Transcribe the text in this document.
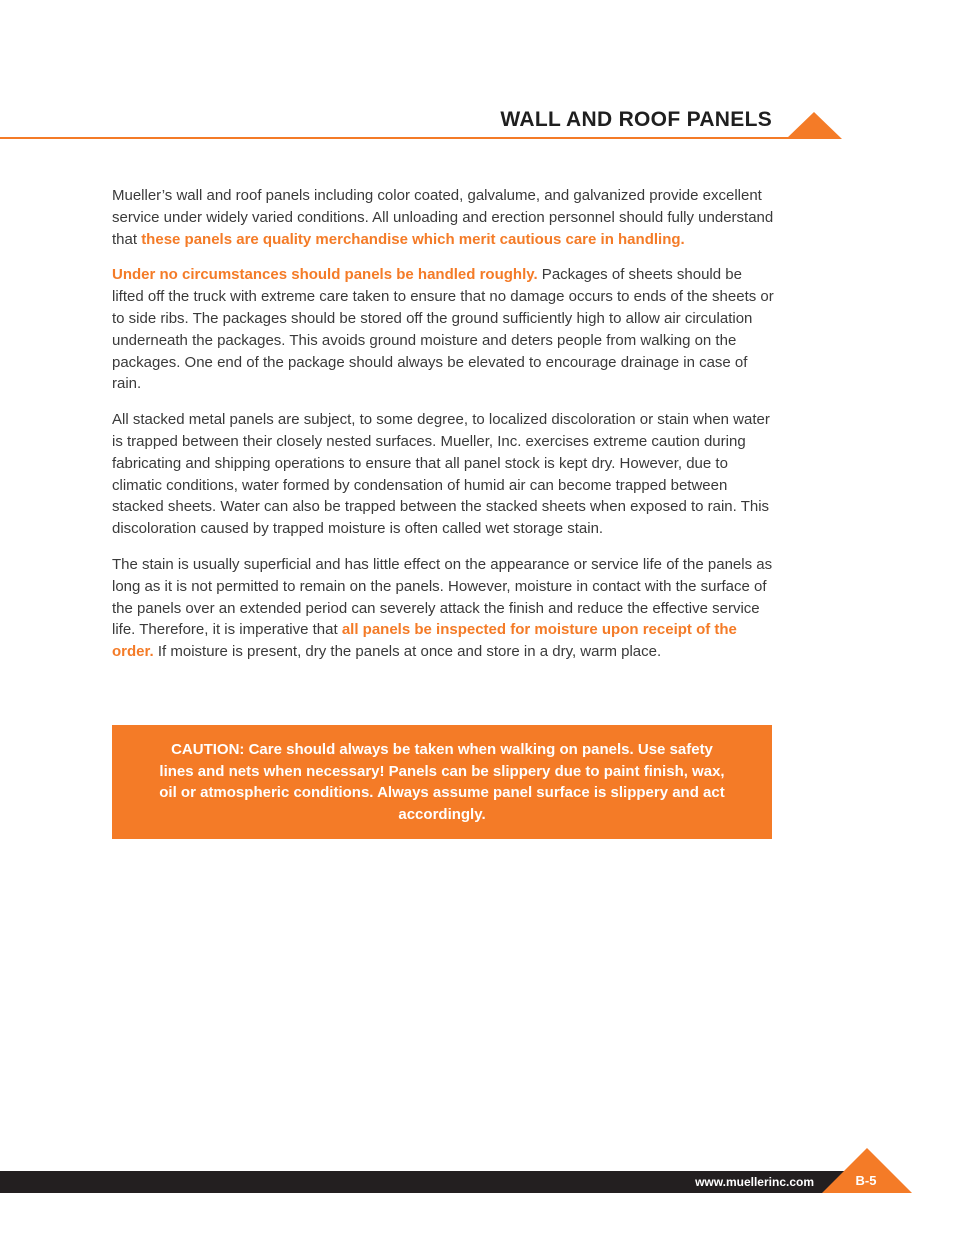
WALL AND ROOF PANELS

Mueller’s wall and roof panels including color coated, galvalume, and galvanized provide excellent service under widely varied conditions. All unloading and erection personnel should fully understand that these panels are quality merchandise which merit cautious care in handling.

Under no circumstances should panels be handled roughly. Packages of sheets should be lifted off the truck with extreme care taken to ensure that no damage occurs to ends of the sheets or to side ribs. The packages should be stored off the ground sufficiently high to allow air circulation underneath the packages. This avoids ground moisture and deters people from walking on the packages. One end of the package should always be elevated to encourage drainage in case of rain.

All stacked metal panels are subject, to some degree, to localized discoloration or stain when water is trapped between their closely nested surfaces. Mueller, Inc. exercises extreme caution during fabricating and shipping operations to ensure that all panel stock is kept dry. However, due to climatic conditions, water formed by condensation of humid air can become trapped between stacked sheets. Water can also be trapped between the stacked sheets when exposed to rain. This discoloration caused by trapped moisture is often called wet storage stain.

The stain is usually superficial and has little effect on the appearance or service life of the panels as long as it is not permitted to remain on the panels. However, moisture in contact with the surface of the panels over an extended period can severely attack the finish and reduce the effective service life. Therefore, it is imperative that all panels be inspected for moisture upon receipt of the order. If moisture is present, dry the panels at once and store in a dry, warm place.

CAUTION: Care should always be taken when walking on panels. Use safety lines and nets when necessary! Panels can be slippery due to paint finish, wax, oil or atmospheric conditions. Always assume panel surface is slippery and act accordingly.
www.muellerinc.com	B-5
